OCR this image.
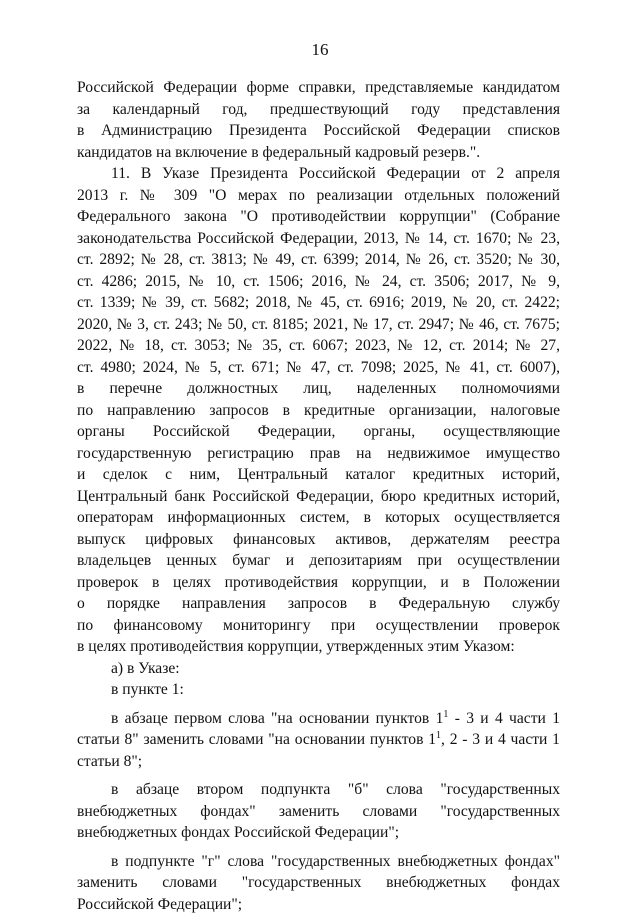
16
Российской Федерации форме справки, представляемые кандидатом
за календарный год, предшествующий году представления
в Администрацию Президента Российской Федерации списков
кандидатов на включение в федеральный кадровый резерв.".
11. В Указе Президента Российской Федерации от 2 апреля
2013 г. № 309 "О мерах по реализации отдельных положений
Федерального закона "О противодействии коррупции" (Собрание
законодательства Российской Федерации, 2013, № 14, ст. 1670; № 23,
ст. 2892; № 28, ст. 3813; № 49, ст. 6399; 2014, № 26, ст. 3520; № 30,
ст. 4286; 2015, № 10, ст. 1506; 2016, № 24, ст. 3506; 2017, № 9,
ст. 1339; № 39, ст. 5682; 2018, № 45, ст. 6916; 2019, № 20, ст. 2422;
2020, № 3, ст. 243; № 50, ст. 8185; 2021, № 17, ст. 2947; № 46, ст. 7675;
2022, № 18, ст. 3053; № 35, ст. 6067; 2023, № 12, ст. 2014; № 27,
ст. 4980; 2024, № 5, ст. 671; № 47, ст. 7098; 2025, № 41, ст. 6007),
в перечне должностных лиц, наделенных полномочиями
по направлению запросов в кредитные организации, налоговые
органы Российской Федерации, органы, осуществляющие
государственную регистрацию прав на недвижимое имущество
и сделок с ним, Центральный каталог кредитных историй,
Центральный банк Российской Федерации, бюро кредитных историй,
операторам информационных систем, в которых осуществляется
выпуск цифровых финансовых активов, держателям реестра
владельцев ценных бумаг и депозитариям при осуществлении
проверок в целях противодействия коррупции, и в Положении
о порядке направления запросов в Федеральную службу
по финансовому мониторингу при осуществлении проверок
в целях противодействия коррупции, утвержденных этим Указом:
а) в Указе:
в пункте 1:
в абзаце первом слова "на основании пунктов $1^1 - 3$ и 4 части 1
статьи 8" заменить словами "на основании пунктов $1^1$, 2 - 3 и 4 части 1
статьи 8";
в абзаце втором подпункта "б" слова "государственных
внебюджетных фондах" заменить словами "государственных
внебюджетных фондах Российской Федерации";
в подпункте "г" слова "государственных внебюджетных фондах"
заменить словами "государственных внебюджетных фондах
Российской Федерации";
